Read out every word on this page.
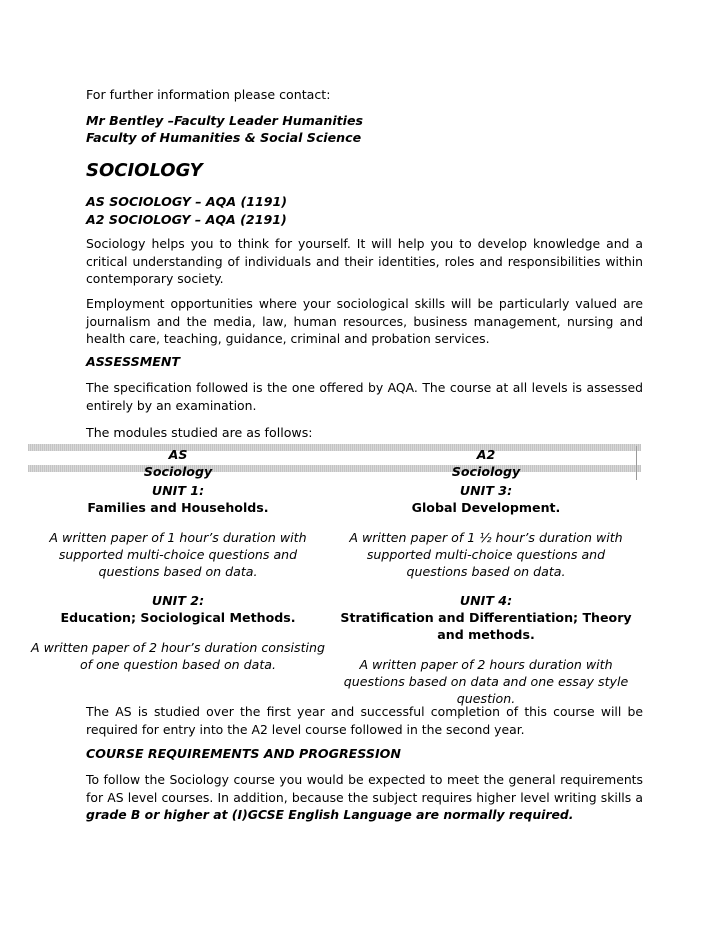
For further information please contact:

Mr Bentley –Faculty Leader Humanities
Faculty of Humanities & Social Science
SOCIOLOGY
AS SOCIOLOGY – AQA (1191)
A2 SOCIOLOGY – AQA (2191)

Sociology helps you to think for yourself. It will help you to develop knowledge and a critical understanding of individuals and their identities, roles and responsibilities within contemporary society.

Employment opportunities where your sociological skills will be particularly valued are journalism and the media, law, human resources, business management, nursing and health care, teaching, guidance, criminal and probation services.

ASSESSMENT

The specification followed is the one offered by AQA. The course at all levels is assessed entirely by an examination.

The modules studied are as follows:

AS
Sociology
UNIT 1:
Families and Households.
A written paper of 1 hour’s duration with supported multi-choice questions and questions based on data.
UNIT 2:
Education; Sociological Methods.
A written paper of 2 hour’s duration consisting of one question based on data.
A2
Sociology
UNIT 3:
Global Development.
A written paper of 1 ½ hour’s duration with supported multi-choice questions and questions based on data.
UNIT 4:
Stratification and Differentiation; Theory and methods.
A written paper of 2 hours duration with questions based on data and one essay style question.

The AS is studied over the first year and successful completion of this course will be required for entry into the A2 level course followed in the second year.

COURSE REQUIREMENTS AND PROGRESSION

To follow the Sociology course you would be expected to meet the general requirements for AS level courses. In addition, because the subject requires higher level writing skills a grade B or higher at (I)GCSE English Language are normally required.
